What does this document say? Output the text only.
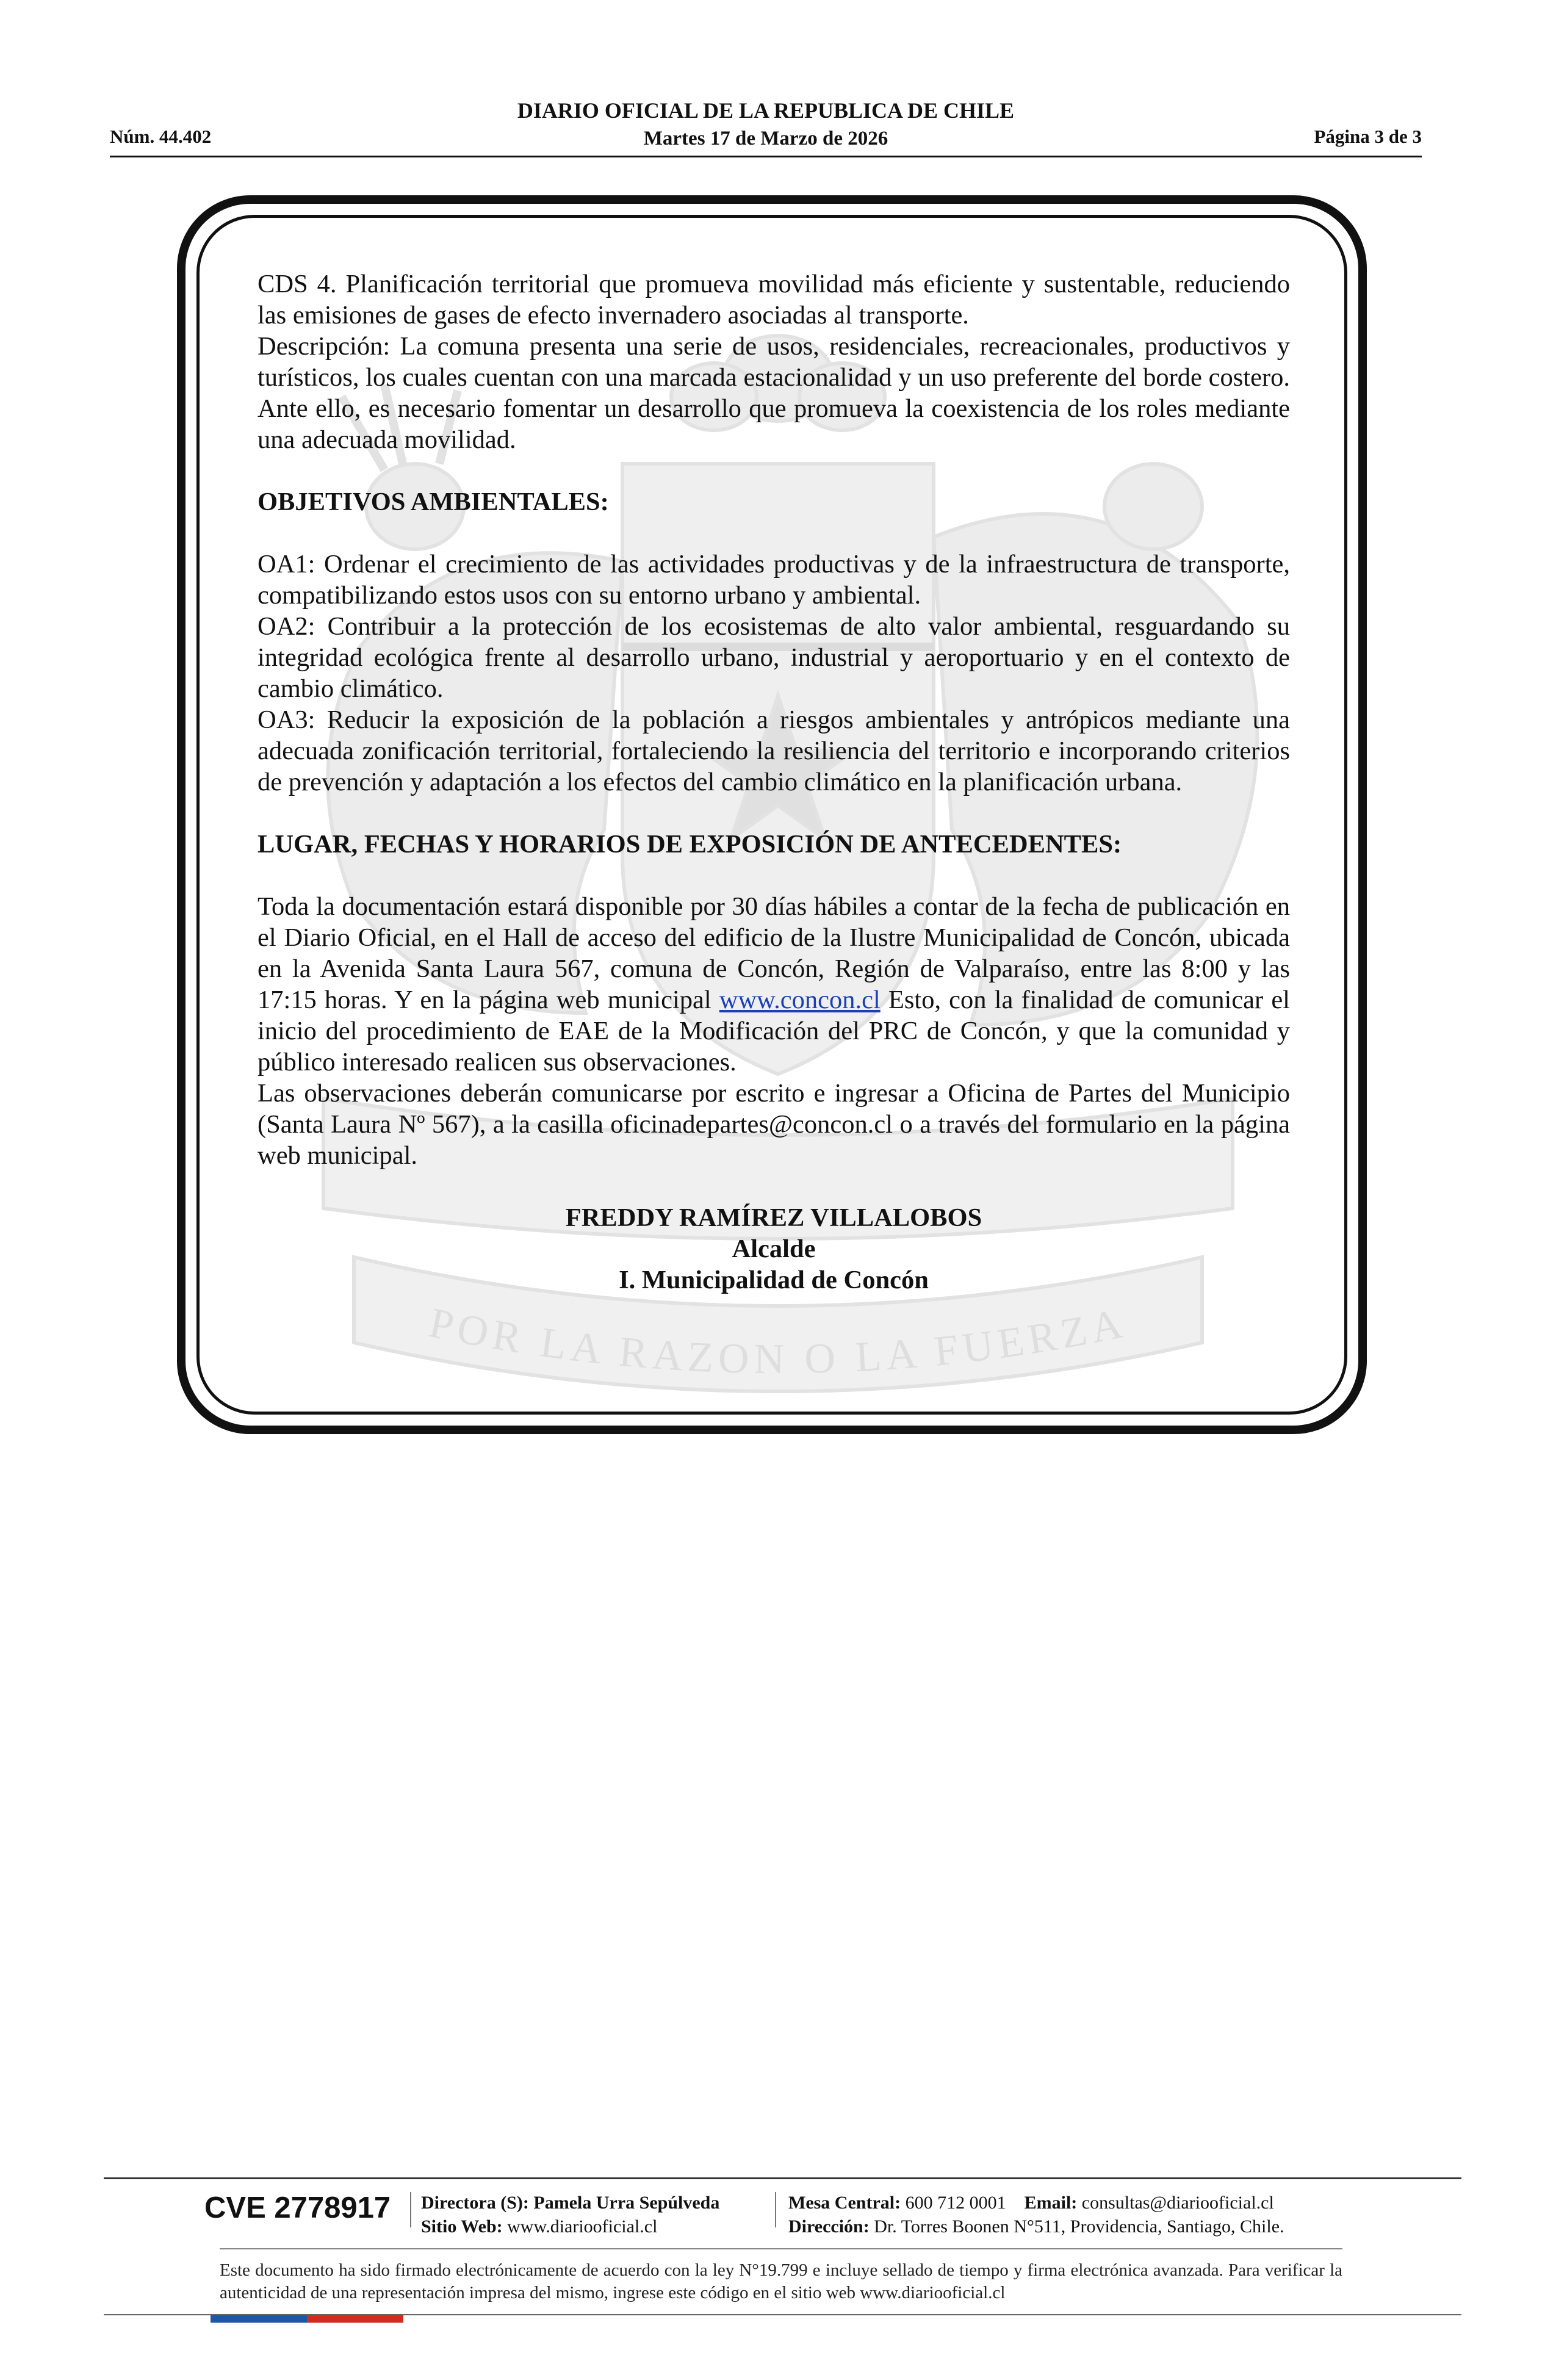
Núm. 44.402
DIARIO OFICIAL DE LA REPUBLICA DE CHILE
Martes 17 de Marzo de 2026	Página 3 de 3
POR LA RAZON O LA FUERZA

CDS 4. Planificación territorial que promueva movilidad más eficiente y sustentable, reduciendo las emisiones de gases de efecto invernadero asociadas al transporte.

Descripción: La comuna presenta una serie de usos, residenciales, recreacionales, productivos y turísticos, los cuales cuentan con una marcada estacionalidad y un uso preferente del borde costero. Ante ello, es necesario fomentar un desarrollo que promueva la coexistencia de los roles mediante una adecuada movilidad.

OBJETIVOS AMBIENTALES:

OA1: Ordenar el crecimiento de las actividades productivas y de la infraestructura de transporte, compatibilizando estos usos con su entorno urbano y ambiental.

OA2: Contribuir a la protección de los ecosistemas de alto valor ambiental, resguardando su integridad ecológica frente al desarrollo urbano, industrial y aeroportuario y en el contexto de cambio climático.

OA3: Reducir la exposición de la población a riesgos ambientales y antrópicos mediante una adecuada zonificación territorial, fortaleciendo la resiliencia del territorio e incorporando criterios de prevención y adaptación a los efectos del cambio climático en la planificación urbana.

LUGAR, FECHAS Y HORARIOS DE EXPOSICIÓN DE ANTECEDENTES:

Toda la documentación estará disponible por 30 días hábiles a contar de la fecha de publicación en el Diario Oficial, en el Hall de acceso del edificio de la Ilustre Municipalidad de Concón, ubicada en la Avenida Santa Laura 567, comuna de Concón, Región de Valparaíso, entre las 8:00 y las 17:15 horas. Y en la página web municipal www.concon.cl Esto, con la finalidad de comunicar el inicio del procedimiento de EAE de la Modificación del PRC de Concón, y que la comunidad y público interesado realicen sus observaciones.

Las observaciones deberán comunicarse por escrito e ingresar a Oficina de Partes del Municipio (Santa Laura Nº 567), a la casilla oficinadepartes@concon.cl o a través del formulario en la página web municipal.

FREDDY RAMÍREZ VILLALOBOS
Alcalde
I. Municipalidad de Concón
CVE 2778917 Directora (S): Pamela Urra Sepúlveda
Sitio Web: www.diariooficial.cl
Mesa Central: 600 712 0001 Email: consultas@diariooficial.cl
Dirección: Dr. Torres Boonen N°511, Providencia, Santiago, Chile.
Este documento ha sido firmado electrónicamente de acuerdo con la ley N°19.799 e incluye sellado de tiempo y firma electrónica avanzada. Para verificar la autenticidad de una representación impresa del mismo, ingrese este código en el sitio web www.diariooficial.cl
